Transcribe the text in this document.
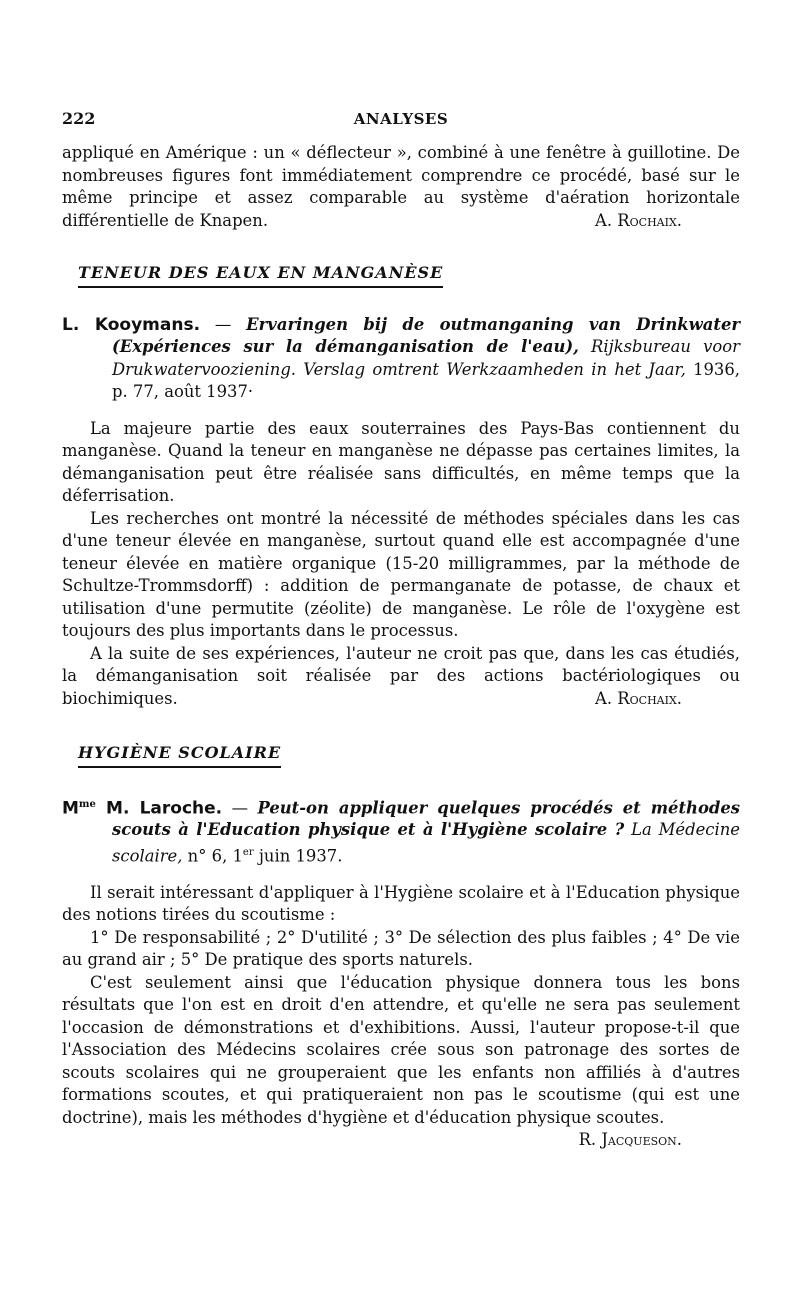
222	ANALYSES

appliqué en Amérique : un « déflecteur », combiné à une fenêtre à guillotine. De nombreuses figures font immédiatement comprendre ce procédé, basé sur le même principe et assez comparable au système d'aération horizontale différentielle de Knapen.	A. Rochaix.

TENEUR DES EAUX EN MANGANÈSE

L. Kooymans. — Ervaringen bij de outmanganing van Drinkwater (Expériences sur la démanganisation de l'eau), Rijksbureau voor Drukwatervooziening. Verslag omtrent Werkzaamheden in het Jaar, 1936, p. 77, août 1937·

La majeure partie des eaux souterraines des Pays-Bas contiennent du manganèse. Quand la teneur en manganèse ne dépasse pas certaines limites, la démanganisation peut être réalisée sans difficultés, en même temps que la déferrisation.

Les recherches ont montré la nécessité de méthodes spéciales dans les cas d'une teneur élevée en manganèse, surtout quand elle est accompagnée d'une teneur élevée en matière organique (15-20 milligrammes, par la méthode de Schultze-Trommsdorff) : addition de permanganate de potasse, de chaux et utilisation d'une permutite (zéolite) de manganèse. Le rôle de l'oxygène est toujours des plus importants dans le processus.

A la suite de ses expériences, l'auteur ne croit pas que, dans les cas étudiés, la démanganisation soit réalisée par des actions bactériologiques ou

biochimiques.	A. Rochaix.
HYGIÈNE SCOLAIRE

$M^{me}$ M. Laroche. — Peut-on appliquer quelques procédés et méthodes scouts à l'Education physique et à l'Hygiène scolaire ? La Médecine scolaire, n° 6, 1er juin 1937.

Il serait intéressant d'appliquer à l'Hygiène scolaire et à l'Education physique des notions tirées du scoutisme :

1° De responsabilité ; 2° D'utilité ; 3° De sélection des plus faibles ; 4° De vie au grand air ; 5° De pratique des sports naturels.

C'est seulement ainsi que l'éducation physique donnera tous les bons résultats que l'on est en droit d'en attendre, et qu'elle ne sera pas seulement l'occasion de démonstrations et d'exhibitions. Aussi, l'auteur propose-t-il que l'Association des Médecins scolaires crée sous son patronage des sortes de scouts scolaires qui ne grouperaient que les enfants non affiliés à d'autres formations scoutes, et qui pratiqueraient non pas le scoutisme (qui est une doctrine), mais les méthodes d'hygiène et d'éducation physique scoutes.

R. Jacqueson.
